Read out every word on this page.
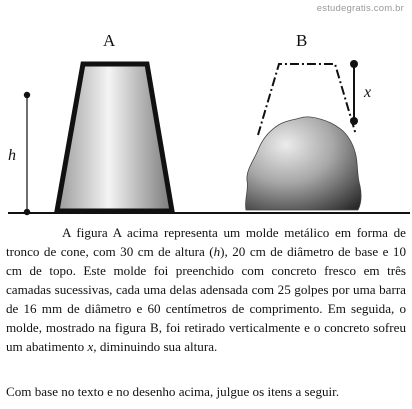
estudegratis.com.br
h
A	B
x

A figura A acima representa um molde metálico em forma de tronco de cone, com 30 cm de altura (h), 20 cm de diâmetro de base e 10 cm de topo. Este molde foi preenchido com concreto fresco em três camadas sucessivas, cada uma delas adensada com 25 golpes por uma barra de 16 mm de diâmetro e 60 centímetros de comprimento. Em seguida, o molde, mostrado na figura B, foi retirado verticalmente e o concreto sofreu um abatimento x, diminuindo sua altura.

Com base no texto e no desenho acima, julgue os itens a seguir.
